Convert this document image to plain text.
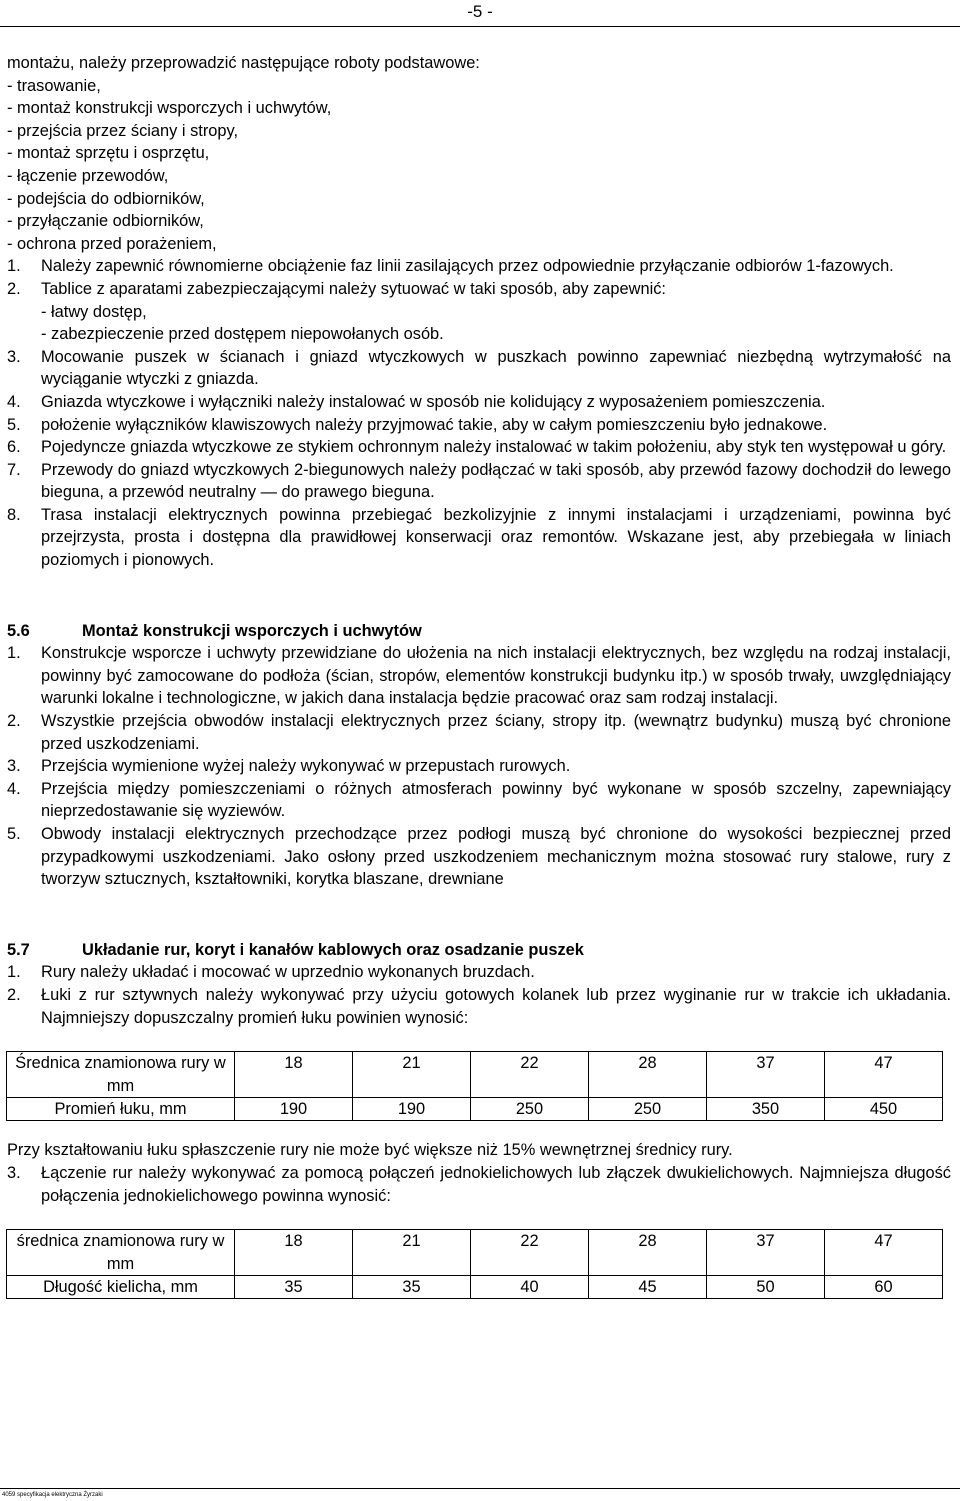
-5 -
montażu, należy przeprowadzić następujące roboty podstawowe:
- trasowanie,
- montaż konstrukcji wsporczych i uchwytów,
- przejścia przez ściany i stropy,
- montaż sprzętu i osprzętu,
- łączenie przewodów,
- podejścia do odbiorników,
- przyłączanie odbiorników,
- ochrona przed porażeniem,
1.	Należy zapewnić równomierne obciążenie faz linii zasilających przez odpowiednie przyłączanie odbiorów 1-fazowych.
2.	Tablice z aparatami zabezpieczającymi należy sytuować w taki sposób, aby zapewnić:
- łatwy dostęp,
- zabezpieczenie przed dostępem niepowołanych osób.
3.	Mocowanie puszek w ścianach i gniazd wtyczkowych w puszkach powinno zapewniać niezbędną wytrzymałość na wyciąganie wtyczki z gniazda.
4.	Gniazda wtyczkowe i wyłączniki należy instalować w sposób nie kolidujący z wyposażeniem pomieszczenia.
5.	położenie wyłączników klawiszowych należy przyjmować takie, aby w całym pomieszczeniu było jednakowe.
6.	Pojedyncze gniazda wtyczkowe ze stykiem ochronnym należy instalować w takim położeniu, aby styk ten występował u góry.
7.	Przewody do gniazd wtyczkowych 2-biegunowych należy podłączać w taki sposób, aby przewód fazowy dochodził do lewego bieguna, a przewód neutralny — do prawego bieguna.
8.	Trasa instalacji elektrycznych powinna przebiegać bezkolizyjnie z innymi instalacjami i urządzeniami, powinna być przejrzysta, prosta i dostępna dla prawidłowej konserwacji oraz remontów. Wskazane jest, aby przebiegała w liniach poziomych i pionowych.
5.6	Montaż konstrukcji wsporczych i uchwytów
1.	Konstrukcje wsporcze i uchwyty przewidziane do ułożenia na nich instalacji elektrycznych, bez względu na rodzaj instalacji, powinny być zamocowane do podłoża (ścian, stropów, elementów konstrukcji budynku itp.) w sposób trwały, uwzględniający warunki lokalne i technologiczne, w jakich dana instalacja będzie pracować oraz sam rodzaj instalacji.
2.	Wszystkie przejścia obwodów instalacji elektrycznych przez ściany, stropy itp. (wewnątrz budynku) muszą być chronione przed uszkodzeniami.
3.	Przejścia wymienione wyżej należy wykonywać w przepustach rurowych.
4.	Przejścia między pomieszczeniami o różnych atmosferach powinny być wykonane w sposób szczelny, zapewniający nieprzedostawanie się wyziewów.
5.	Obwody instalacji elektrycznych przechodzące przez podłogi muszą być chronione do wysokości bezpiecznej przed przypadkowymi uszkodzeniami. Jako osłony przed uszkodzeniem mechanicznym można stosować rury stalowe, rury z tworzyw sztucznych, kształtowniki, korytka blaszane, drewniane
5.7	Układanie rur, koryt i kanałów kablowych oraz osadzanie puszek
1.	Rury należy układać i mocować w uprzednio wykonanych bruzdach.
2.	Łuki z rur sztywnych należy wykonywać przy użyciu gotowych kolanek lub przez wyginanie rur w trakcie ich układania. Najmniejszy dopuszczalny promień łuku powinien wynosić:
Średnica znamionowa rury w mm	18	21	22	28	37	47
Promień łuku, mm	190	190	250	250	350	450
Przy kształtowaniu łuku spłaszczenie rury nie może być większe niż 15% wewnętrznej średnicy rury.
3.	Łączenie rur należy wykonywać za pomocą połączeń jednokielichowych lub złączek dwukielichowych. Najmniejsza długość połączenia jednokielichowego powinna wynosić:
średnica znamionowa rury w mm	18	21	22	28	37	47
Długość kielicha, mm	35	35	40	45	50	60
4059 specyfikacja elektryczna Żyrzaki
